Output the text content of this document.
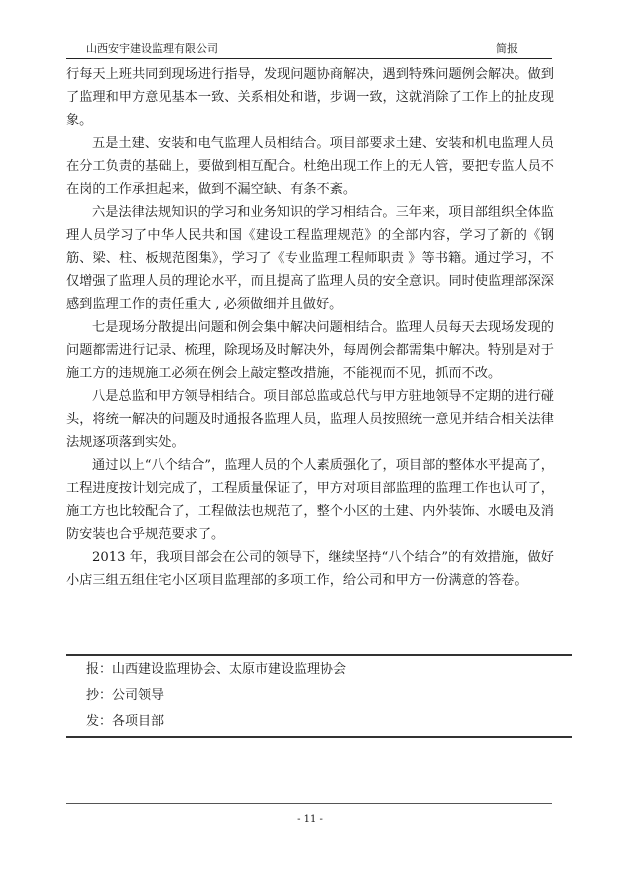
山西安宇建设监理有限公司	简报

行每天上班共同到现场进行指导，发现问题协商解决，遇到特殊问题例会解决。做到了监理和甲方意见基本一致、关系相处和谐，步调一致，这就消除了工作上的扯皮现象。

五是土建、安装和电气监理人员相结合。项目部要求土建、安装和机电监理人员在分工负责的基础上，要做到相互配合。杜绝出现工作上的无人管，要把专监人员不在岗的工作承担起来，做到不漏空缺、有条不紊。

六是法律法规知识的学习和业务知识的学习相结合。三年来，项目部组织全体监理人员学习了中华人民共和国《建设工程监理规范》的全部内容，学习了新的《钢筋、梁、柱、板规范图集》，学习了《专业监理工程师职责 》等书籍。通过学习，不仅增强了监理人员的理论水平，而且提高了监理人员的安全意识。同时使监理部深深感到监理工作的责任重大 , 必须做细并且做好。

七是现场分散提出问题和例会集中解决问题相结合。监理人员每天去现场发现的问题都需进行记录、梳理，除现场及时解决外，每周例会都需集中解决。特别是对于施工方的违规施工必须在例会上敲定整改措施，不能视而不见，抓而不改。

八是总监和甲方领导相结合。项目部总监或总代与甲方驻地领导不定期的进行碰头，将统一解决的问题及时通报各监理人员，监理人员按照统一意见并结合相关法律法规逐项落到实处。

通过以上“八个结合”，监理人员的个人素质强化了，项目部的整体水平提高了，工程进度按计划完成了，工程质量保证了，甲方对项目部监理的监理工作也认可了，施工方也比较配合了，工程做法也规范了，整个小区的土建、内外装饰、水暖电及消防安装也合乎规范要求了。

2013 年，我项目部会在公司的领导下，继续坚持“八个结合”的有效措施，做好小店三组五组住宅小区项目监理部的多项工作，给公司和甲方一份满意的答卷。

报：山西建设监理协会、太原市建设监理协会
抄：公司领导
发：各项目部
- 11 -
